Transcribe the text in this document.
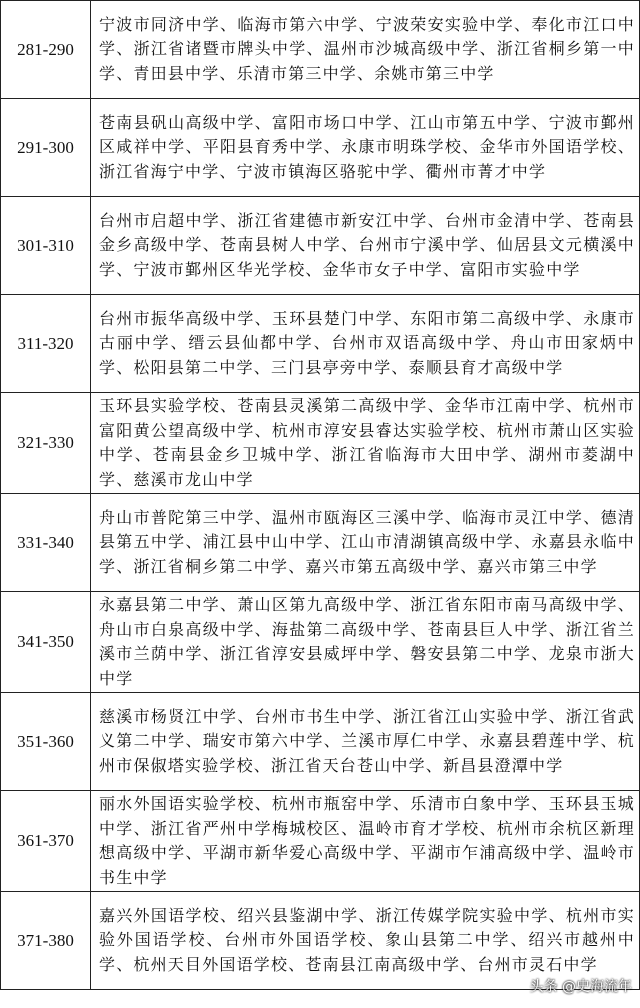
281-290	宁波市同济中学、临海市第六中学、宁波荣安实验中学、奉化市江口中学、浙江省诸暨市牌头中学、温州市沙城高级中学、浙江省桐乡第一中学、青田县中学、乐清市第三中学、余姚市第三中学
291-300	苍南县矾山高级中学、富阳市场口中学、江山市第五中学、宁波市鄞州区咸祥中学、平阳县育秀中学、永康市明珠学校、金华市外国语学校、浙江省海宁中学、宁波市镇海区骆驼中学、衢州市菁才中学
301-310	台州市启超中学、浙江省建德市新安江中学、台州市金清中学、苍南县金乡高级中学、苍南县树人中学、台州市宁溪中学、仙居县文元横溪中学、宁波市鄞州区华光学校、金华市女子中学、富阳市实验中学
311-320	台州市振华高级中学、玉环县楚门中学、东阳市第二高级中学、永康市古丽中学、缙云县仙都中学、台州市双语高级中学、舟山市田家炳中学、松阳县第二中学、三门县亭旁中学、泰顺县育才高级中学
321-330	玉环县实验学校、苍南县灵溪第二高级中学、金华市江南中学、杭州市富阳黄公望高级中学、杭州市淳安县睿达实验学校、杭州市萧山区实验中学、苍南县金乡卫城中学、浙江省临海市大田中学、湖州市菱湖中学、慈溪市龙山中学
331-340	舟山市普陀第三中学、温州市瓯海区三溪中学、临海市灵江中学、德清县第五中学、浦江县中山中学、江山市清湖镇高级中学、永嘉县永临中学、浙江省桐乡第二中学、嘉兴市第五高级中学、嘉兴市第三中学
341-350	永嘉县第二中学、萧山区第九高级中学、浙江省东阳市南马高级中学、舟山市白泉高级中学、海盐第二高级中学、苍南县巨人中学、浙江省兰溪市兰荫中学、浙江省淳安县威坪中学、磐安县第二中学、龙泉市浙大中学
351-360	慈溪市杨贤江中学、台州市书生中学、浙江省江山实验中学、浙江省武义第二中学、瑞安市第六中学、兰溪市厚仁中学、永嘉县碧莲中学、杭州市保俶塔实验学校、浙江省天台苍山中学、新昌县澄潭中学
361-370	丽水外国语实验学校、杭州市瓶窑中学、乐清市白象中学、玉环县玉城中学、浙江省严州中学梅城校区、温岭市育才学校、杭州市余杭区新理想高级中学、平湖市新华爱心高级中学、平湖市乍浦高级中学、温岭市书生中学
371-380	嘉兴外国语学校、绍兴县鉴湖中学、浙江传媒学院实验中学、杭州市实验外国语学校、台州市外国语学校、象山县第二中学、绍兴市越州中学、杭州天目外国语学校、苍南县江南高级中学、台州市灵石中学
头条 @史海流年
